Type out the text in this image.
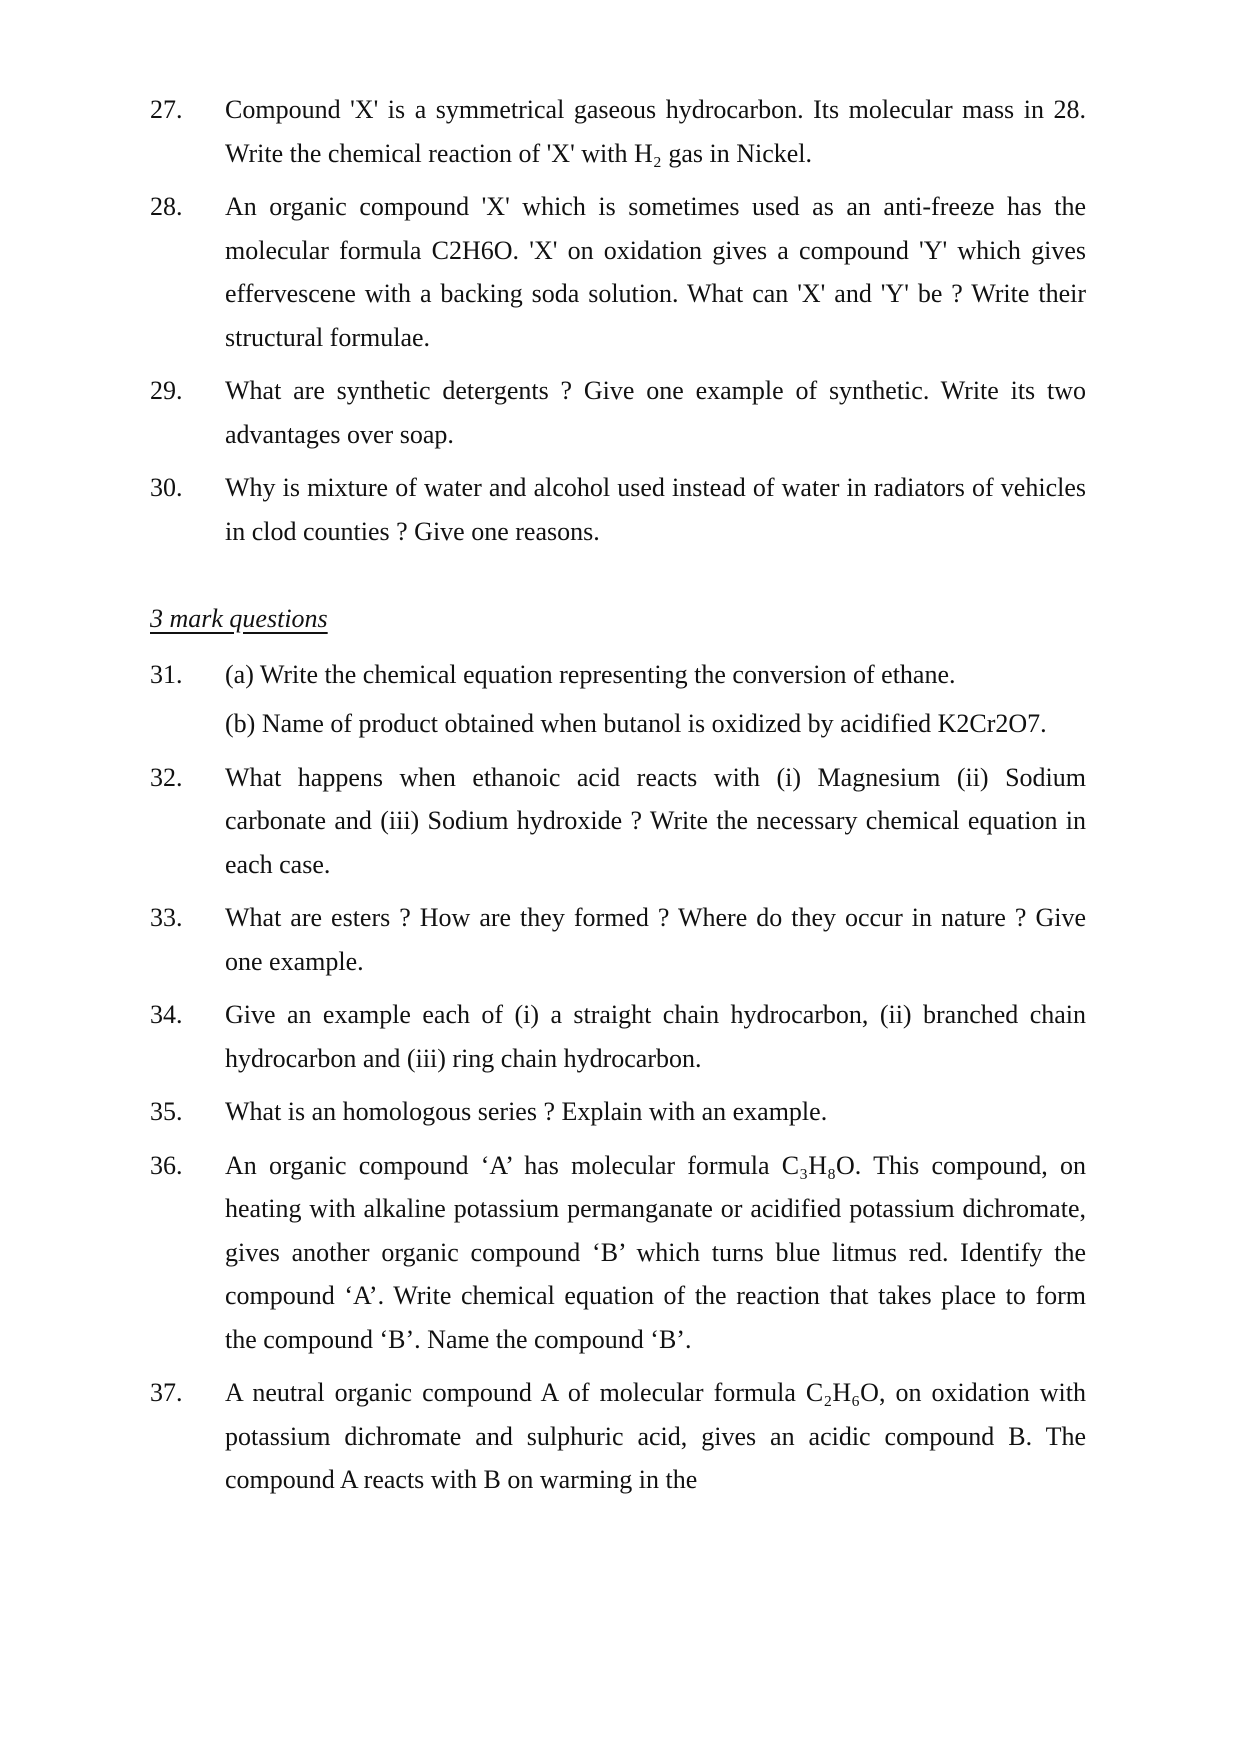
27.	Compound 'X' is a symmetrical gaseous hydrocarbon. Its molecular mass in 28. Write the chemical reaction of 'X' with H₂ gas in Nickel.
28.	An organic compound 'X' which is sometimes used as an anti-freeze has the molecular formula C2H6O. 'X' on oxidation gives a compound 'Y' which gives effervescene with a backing soda solution. What can 'X' and 'Y' be ? Write their structural formulae.
29.	What are synthetic detergents ? Give one example of synthetic. Write its two advantages over soap.
30.	Why is mixture of water and alcohol used instead of water in radiators of vehicles in clod counties ? Give one reasons.
3 mark questions
31.	(a) Write the chemical equation representing the conversion of ethane.
(b) Name of product obtained when butanol is oxidized by acidified K2Cr2O7.
32.	What happens when ethanoic acid reacts with (i) Magnesium (ii) Sodium carbonate and (iii) Sodium hydroxide ? Write the necessary chemical equation in each case.
33.	What are esters ? How are they formed ? Where do they occur in nature ? Give one example.
34.	Give an example each of (i) a straight chain hydrocarbon, (ii) branched chain hydrocarbon and (iii) ring chain hydrocarbon.
35.	What is an homologous series ? Explain with an example.
36.	An organic compound ‘A’ has molecular formula C₃H₈O. This compound, on heating with alkaline potassium permanganate or acidified potassium dichromate, gives another organic compound ‘B’ which turns blue litmus red. Identify the compound ‘A’. Write chemical equation of the reaction that takes place to form the compound ‘B’. Name the compound ‘B’.
37.	A neutral organic compound A of molecular formula C₂H₆O, on oxidation with potassium dichromate and sulphuric acid, gives an acidic compound B. The compound A reacts with B on warming in the
